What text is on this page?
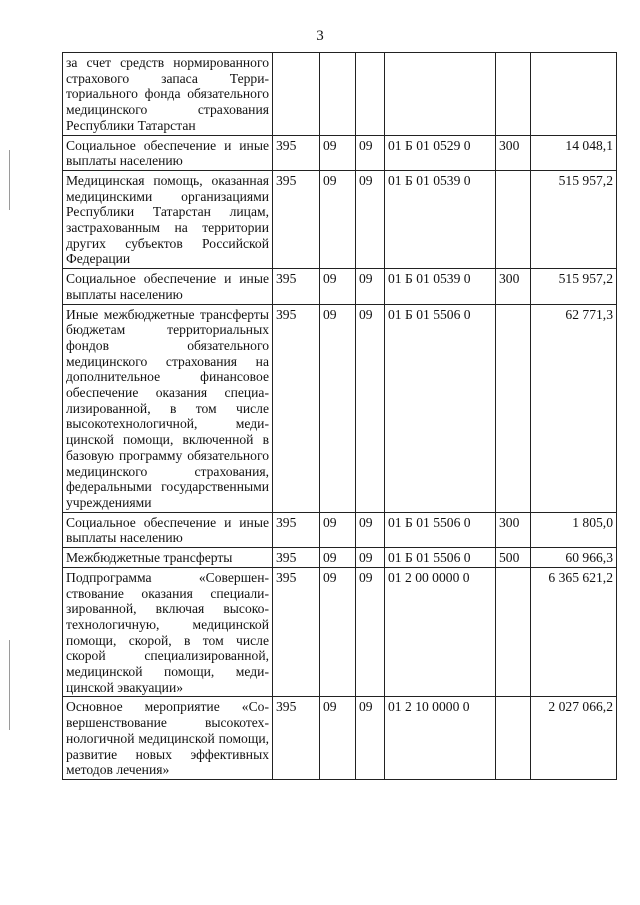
3
за счет средств нормированного страхового запаса Территориального фонда обязательного медицинского страхования Республики Татарстан						
Социальное обеспечение и иные выплаты населению	395	09	09	01 Б 01 0529 0	300	14 048,1
Медицинская помощь, оказанная медицинскими организациями Республики Татарстан лицам, застрахованным на территории других субъектов Российской Федерации	395	09	09	01 Б 01 0539 0		515 957,2
Социальное обеспечение и иные выплаты населению	395	09	09	01 Б 01 0539 0	300	515 957,2
Иные межбюджетные трансферты бюджетам территориальных фондов обязательного медицинского страхования на дополнительное финансовое обеспечение оказания специализированной, в том числе высокотехнологичной, медицинской помощи, включенной в базовую программу обязательного медицинского страхования, федеральными государственными учреждениями	395	09	09	01 Б 01 5506 0		62 771,3
Социальное обеспечение и иные выплаты населению	395	09	09	01 Б 01 5506 0	300	1 805,0
Межбюджетные трансферты	395	09	09	01 Б 01 5506 0	500	60 966,3
Подпрограмма «Совершенствование оказания специализированной, включая высокотехнологичную, медицинской помощи, скорой, в том числе скорой специализированной, медицинской помощи, медицинской эвакуации»	395	09	09	01 2 00 0000 0		6 365 621,2
Основное мероприятие «Совершенствование высокотехнологичной медицинской помощи, развитие новых эффективных методов лечения»	395	09	09	01 2 10 0000 0		2 027 066,2
